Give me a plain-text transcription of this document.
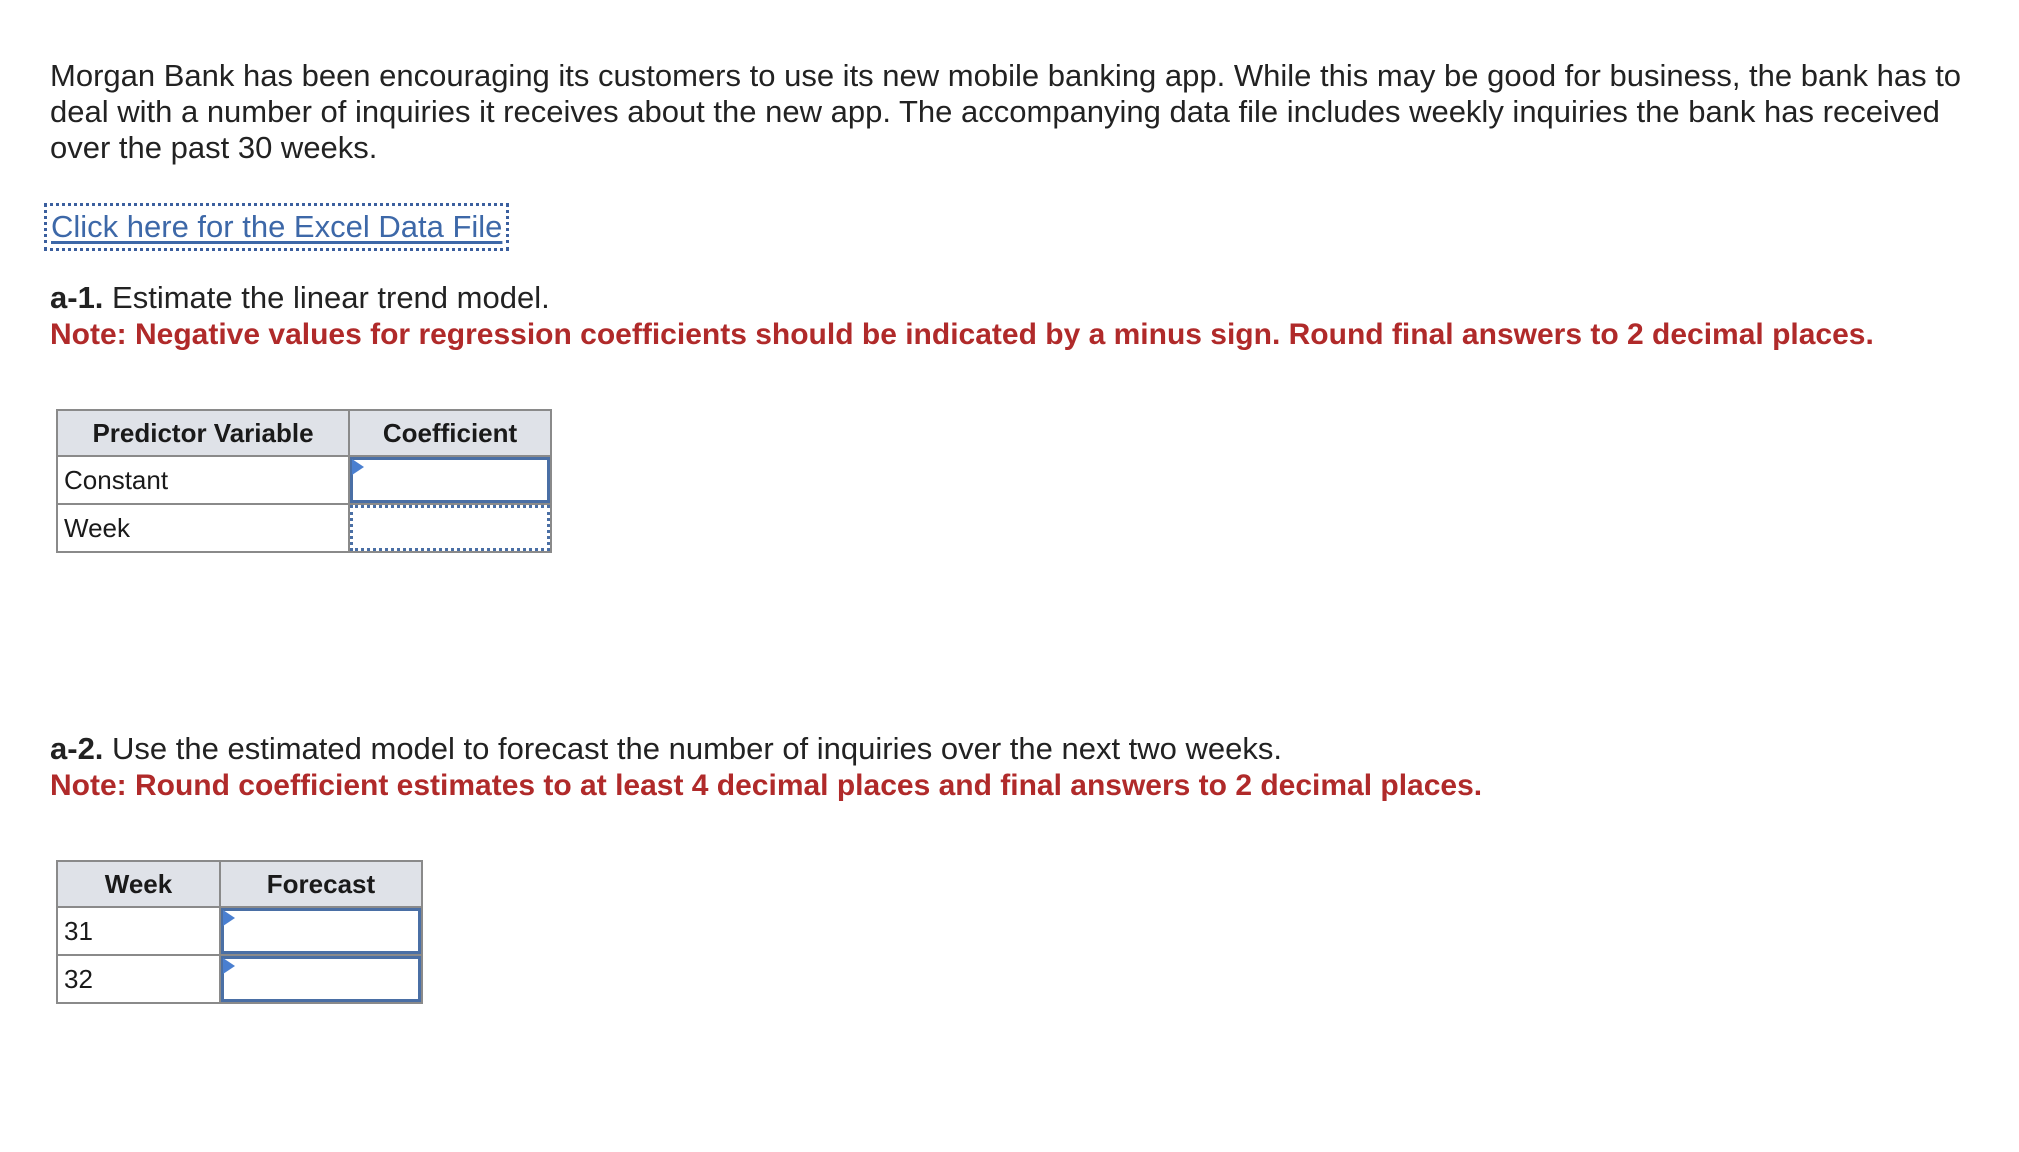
Morgan Bank has been encouraging its customers to use its new mobile banking app. While this may be good for business, the bank has to deal with a number of inquiries it receives about the new app. The accompanying data file includes weekly inquiries the bank has received over the past 30 weeks.

Click here for the Excel Data File

a-1. Estimate the linear trend model.

Note: Negative values for regression coefficients should be indicated by a minus sign. Round final answers to 2 decimal places.

Predictor Variable	Coefficient
Constant	

Week	

a-2. Use the estimated model to forecast the number of inquiries over the next two weeks.

Note: Round coefficient estimates to at least 4 decimal places and final answers to 2 decimal places.

Week	Forecast
31	

32	
